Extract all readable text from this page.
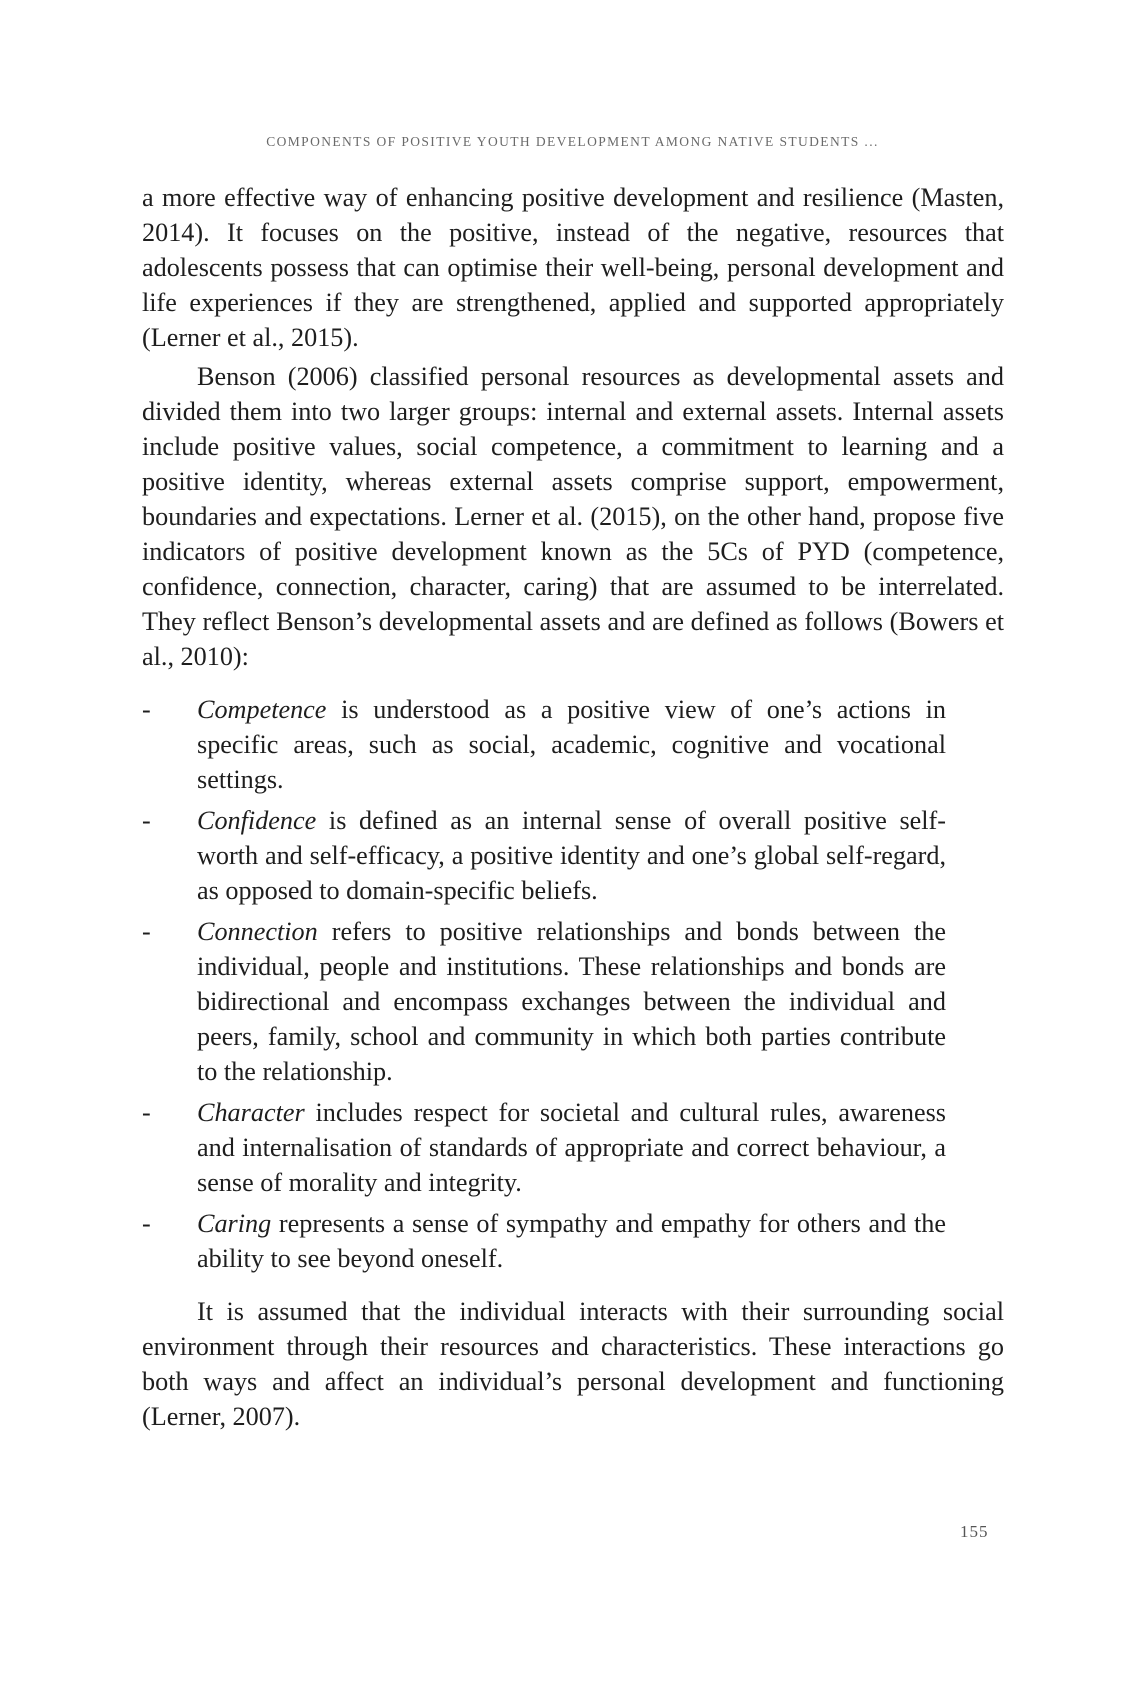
COMPONENTS OF POSITIVE YOUTH DEVELOPMENT AMONG NATIVE STUDENTS ...

a more effective way of enhancing positive development and resilience (Masten, 2014). It focuses on the positive, instead of the negative, resources that adolescents possess that can optimise their well-being, personal development and life experiences if they are strengthened, applied and supported appropriately (Lerner et al., 2015).

Benson (2006) classified personal resources as developmental assets and divided them into two larger groups: internal and external assets. Internal assets include positive values, social competence, a commitment to learning and a positive identity, whereas external assets comprise support, empowerment, boundaries and expectations. Lerner et al. (2015), on the other hand, propose five indicators of positive development known as the 5Cs of PYD (competence, confidence, connection, character, caring) that are assumed to be interrelated. They reflect Benson’s developmental assets and are defined as follows (Bowers et al., 2010):

- Competence is understood as a positive view of one’s actions in specific areas, such as social, academic, cognitive and vocational settings.
- Confidence is defined as an internal sense of overall positive self-worth and self-efficacy, a positive identity and one’s global self-regard, as opposed to domain-specific beliefs.
- Connection refers to positive relationships and bonds between the individual, people and institutions. These relationships and bonds are bidirectional and encompass exchanges between the individual and peers, family, school and community in which both parties contribute to the relationship.
- Character includes respect for societal and cultural rules, awareness and internalisation of standards of appropriate and correct behaviour, a sense of morality and integrity.
- Caring represents a sense of sympathy and empathy for others and the ability to see beyond oneself.

It is assumed that the individual interacts with their surrounding social environment through their resources and characteristics. These interactions go both ways and affect an individual’s personal development and functioning (Lerner, 2007).

155
